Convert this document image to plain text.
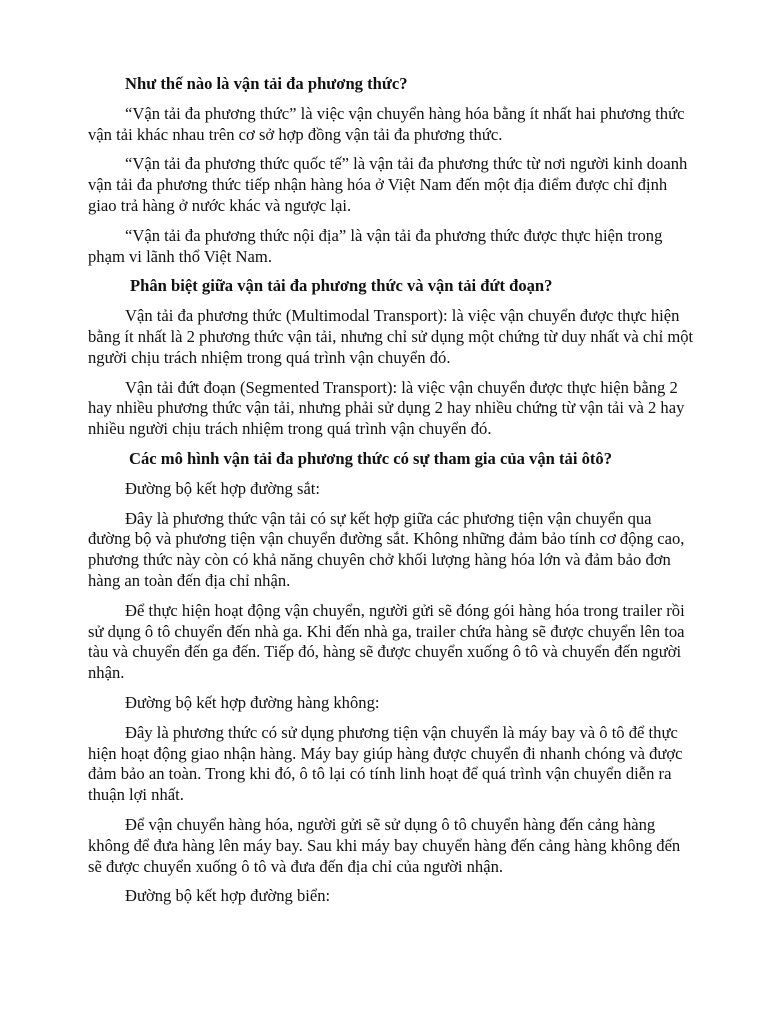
Như thế nào là vận tải đa phương thức?

“Vận tải đa phương thức” là việc vận chuyển hàng hóa bằng ít nhất hai phương thức vận tải khác nhau trên cơ sở hợp đồng vận tải đa phương thức.

“Vận tải đa phương thức quốc tế” là vận tải đa phương thức từ nơi người kinh doanh vận tải đa phương thức tiếp nhận hàng hóa ở Việt Nam đến một địa điểm được chỉ định giao trả hàng ở nước khác và ngược lại.

“Vận tải đa phương thức nội địa” là vận tải đa phương thức được thực hiện trong phạm vi lãnh thổ Việt Nam.

Phân biệt giữa vận tải đa phương thức và vận tải đứt đoạn?

Vận tải đa phương thức (Multimodal Transport): là việc vận chuyển được thực hiện bằng ít nhất là 2 phương thức vận tải, nhưng chỉ sử dụng một chứng từ duy nhất và chỉ một người chịu trách nhiệm trong quá trình vận chuyển đó.

Vận tải đứt đoạn (Segmented Transport): là việc vận chuyển được thực hiện bằng 2 hay nhiều phương thức vận tải, nhưng phải sử dụng 2 hay nhiều chứng từ vận tải và 2 hay nhiều người chịu trách nhiệm trong quá trình vận chuyển đó.

Các mô hình vận tải đa phương thức có sự tham gia của vận tải ôtô?

Đường bộ kết hợp đường sắt:

Đây là phương thức vận tải có sự kết hợp giữa các phương tiện vận chuyển qua đường bộ và phương tiện vận chuyển đường sắt. Không những đảm bảo tính cơ động cao, phương thức này còn có khả năng chuyên chở khối lượng hàng hóa lớn và đảm bảo đơn hàng an toàn đến địa chỉ nhận.

Để thực hiện hoạt động vận chuyển, người gửi sẽ đóng gói hàng hóa trong trailer rồi sử dụng ô tô chuyển đến nhà ga. Khi đến nhà ga, trailer chứa hàng sẽ được chuyển lên toa tàu và chuyển đến ga đến. Tiếp đó, hàng sẽ được chuyển xuống ô tô và chuyển đến người nhận.

Đường bộ kết hợp đường hàng không:

Đây là phương thức có sử dụng phương tiện vận chuyển là máy bay và ô tô để thực hiện hoạt động giao nhận hàng. Máy bay giúp hàng được chuyển đi nhanh chóng và được đảm bảo an toàn. Trong khi đó, ô tô lại có tính linh hoạt để quá trình vận chuyển diễn ra thuận lợi nhất.

Để vận chuyển hàng hóa, người gửi sẽ sử dụng ô tô chuyển hàng đến cảng hàng không để đưa hàng lên máy bay. Sau khi máy bay chuyển hàng đến cảng hàng không đến sẽ được chuyển xuống ô tô và đưa đến địa chỉ của người nhận.

Đường bộ kết hợp đường biển:
